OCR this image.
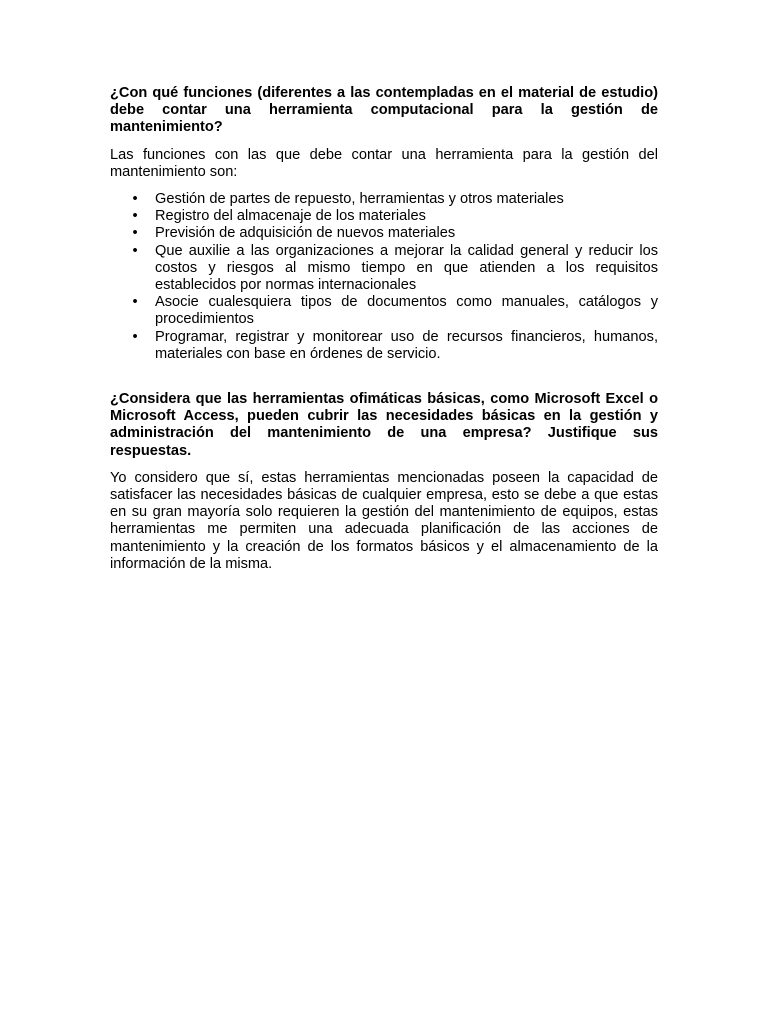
¿Con qué funciones (diferentes a las contempladas en el material de estudio) debe contar una herramienta computacional para la gestión de mantenimiento?

Las funciones con las que debe contar una herramienta para la gestión del mantenimiento son:

• Gestión de partes de repuesto, herramientas y otros materiales
• Registro del almacenaje de los materiales
• Previsión de adquisición de nuevos materiales
• Que auxilie a las organizaciones a mejorar la calidad general y reducir los costos y riesgos al mismo tiempo en que atienden a los requisitos establecidos por normas internacionales
• Asocie cualesquiera tipos de documentos como manuales, catálogos y procedimientos
• Programar, registrar y monitorear uso de recursos financieros, humanos, materiales con base en órdenes de servicio.

¿Considera que las herramientas ofimáticas básicas, como Microsoft Excel o Microsoft Access, pueden cubrir las necesidades básicas en la gestión y administración del mantenimiento de una empresa? Justifique sus respuestas.

Yo considero que sí, estas herramientas mencionadas poseen la capacidad de satisfacer las necesidades básicas de cualquier empresa, esto se debe a que estas en su gran mayoría solo requieren la gestión del mantenimiento de equipos, estas herramientas me permiten una adecuada planificación de las acciones de mantenimiento y la creación de los formatos básicos y el almacenamiento de la información de la misma.
